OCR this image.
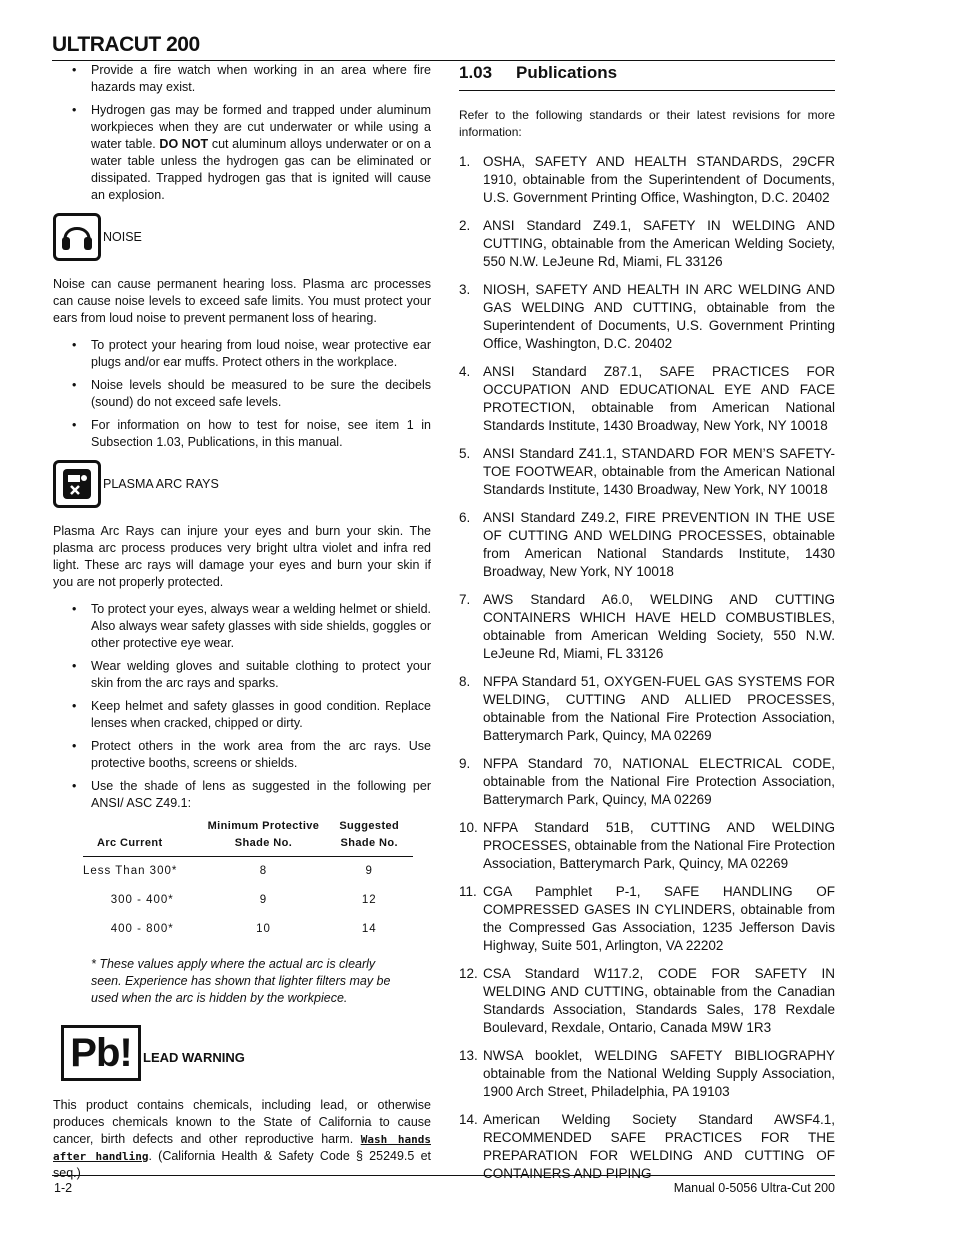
ULTRACUT 200
• Provide a fire watch when working in an area where fire hazards may exist.
• Hydrogen gas may be formed and trapped under aluminum workpieces when they are cut underwater or while using a water table. DO NOT cut aluminum alloys underwater or on a water table unless the hydrogen gas can be eliminated or dissipated. Trapped hydrogen gas that is ignited will cause an explosion.
NOISE

Noise can cause permanent hearing loss. Plasma arc processes can cause noise levels to exceed safe limits. You must protect your ears from loud noise to prevent permanent loss of hearing.

• To protect your hearing from loud noise, wear protective ear plugs and/or ear muffs. Protect others in the workplace.
• Noise levels should be measured to be sure the decibels (sound) do not exceed safe levels.
• For information on how to test for noise, see item 1 in Subsection 1.03, Publications, in this manual.
PLASMA ARC RAYS

Plasma Arc Rays can injure your eyes and burn your skin. The plasma arc process produces very bright ultra violet and infra red light. These arc rays will damage your eyes and burn your skin if you are not properly protected.

• To protect your eyes, always wear a welding helmet or shield. Also always wear safety glasses with side shields, goggles or other protective eye wear.
• Wear welding gloves and suitable clothing to protect your skin from the arc rays and sparks.
• Keep helmet and safety glasses in good condition. Replace lenses when cracked, chipped or dirty.
• Protect others in the work area from the arc rays. Use protective booths, screens or shields.
• Use the shade of lens as suggested in the following per ANSI/ ASC Z49.1:
Arc Current	Minimum Protective Shade No.	Suggested Shade No.
Less Than 300*	8	9
300 - 400*	9	12
400 - 800*	10	14
* These values apply where the actual arc is clearly seen. Experience has shown that lighter filters may be used when the arc is hidden by the workpiece.
Pb! LEAD WARNING

This product contains chemicals, including lead, or otherwise produces chemicals known to the State of California to cause cancer, birth defects and other reproductive harm. Wash hands after handling. (California Health & Safety Code § 25249.5 et seq.)

1.03 Publications

Refer to the following standards or their latest revisions for more information:

1. OSHA, SAFETY AND HEALTH STANDARDS, 29CFR 1910, obtainable from the Superintendent of Documents, U.S. Government Printing Office, Washington, D.C. 20402
2. ANSI Standard Z49.1, SAFETY IN WELDING AND CUTTING, obtainable from the American Welding Society, 550 N.W. LeJeune Rd, Miami, FL 33126
3. NIOSH, SAFETY AND HEALTH IN ARC WELDING AND GAS WELDING AND CUTTING, obtainable from the Superintendent of Documents, U.S. Government Printing Office, Washington, D.C. 20402
4. ANSI Standard Z87.1, SAFE PRACTICES FOR OCCUPATION AND EDUCATIONAL EYE AND FACE PROTECTION, obtainable from American National Standards Institute, 1430 Broadway, New York, NY 10018
5. ANSI Standard Z41.1, STANDARD FOR MEN’S SAFETY-TOE FOOTWEAR, obtainable from the American National Standards Institute, 1430 Broadway, New York, NY 10018
6. ANSI Standard Z49.2, FIRE PREVENTION IN THE USE OF CUTTING AND WELDING PROCESSES, obtainable from American National Standards Institute, 1430 Broadway, New York, NY 10018
7. AWS Standard A6.0, WELDING AND CUTTING CONTAINERS WHICH HAVE HELD COMBUSTIBLES, obtainable from American Welding Society, 550 N.W. LeJeune Rd, Miami, FL 33126
8. NFPA Standard 51, OXYGEN-FUEL GAS SYSTEMS FOR WELDING, CUTTING AND ALLIED PROCESSES, obtainable from the National Fire Protection Association, Batterymarch Park, Quincy, MA 02269
9. NFPA Standard 70, NATIONAL ELECTRICAL CODE, obtainable from the National Fire Protection Association, Batterymarch Park, Quincy, MA 02269
10. NFPA Standard 51B, CUTTING AND WELDING PROCESSES, obtainable from the National Fire Protection Association, Batterymarch Park, Quincy, MA 02269
11. CGA Pamphlet P-1, SAFE HANDLING OF COMPRESSED GASES IN CYLINDERS, obtainable from the Compressed Gas Association, 1235 Jefferson Davis Highway, Suite 501, Arlington, VA 22202
12. CSA Standard W117.2, CODE FOR SAFETY IN WELDING AND CUTTING, obtainable from the Canadian Standards Association, Standards Sales, 178 Rexdale Boulevard, Rexdale, Ontario, Canada M9W 1R3
13. NWSA booklet, WELDING SAFETY BIBLIOGRAPHY obtainable from the National Welding Supply Association, 1900 Arch Street, Philadelphia, PA 19103
14. American Welding Society Standard AWSF4.1, RECOMMENDED SAFE PRACTICES FOR THE PREPARATION FOR WELDING AND CUTTING OF CONTAINERS AND PIPING
1-2	Manual 0-5056 Ultra-Cut 200
